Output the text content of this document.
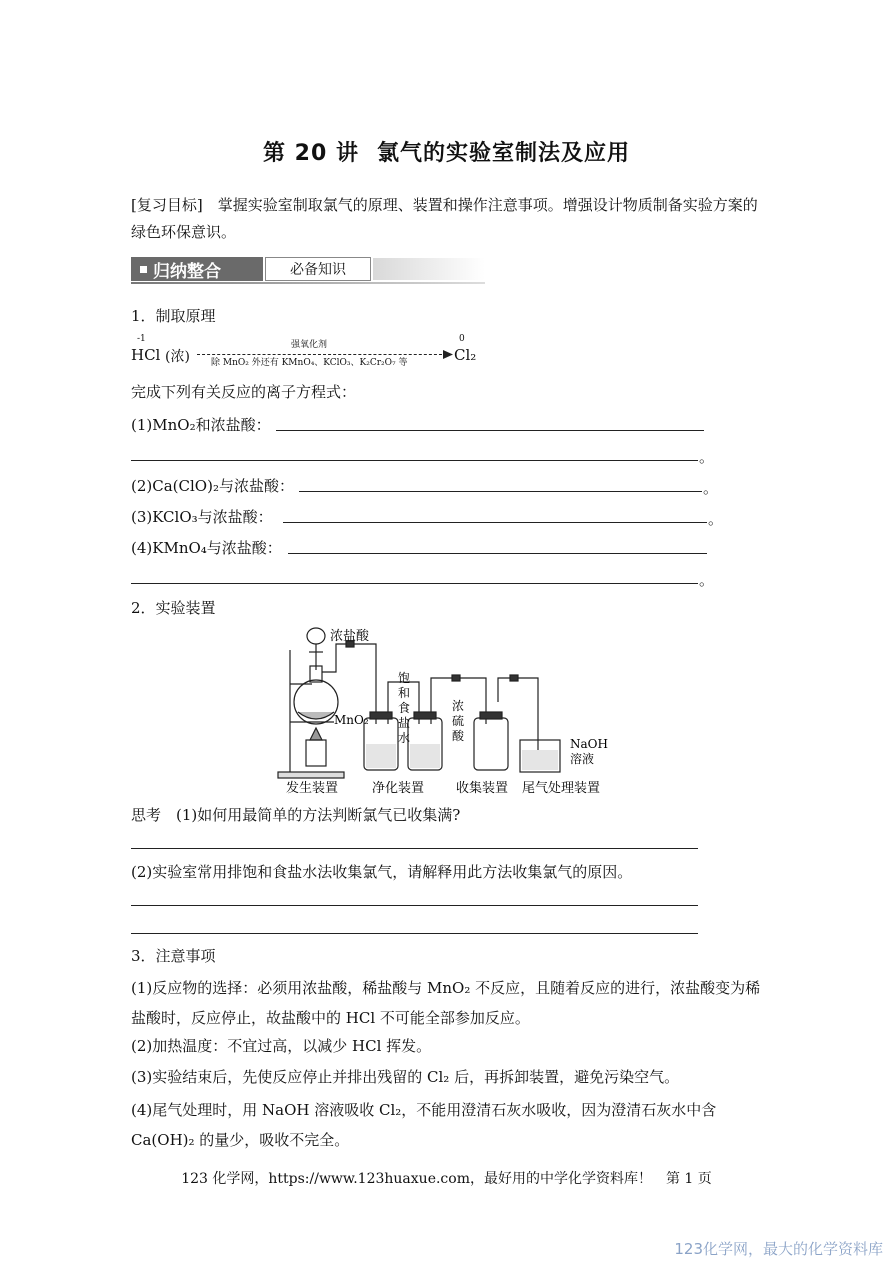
第 20 讲 氯气的实验室制法及应用
[复习目标]　 掌握实验室制取氯气的原理、装置和操作注意事项。增强设计物质制备实验方案的绿色环保意识。
归纳整合	必备知识
1．制取原理
-1
HCl (浓)
强氧化剂
除 MnO₂ 外还有 KMnO₄、KClO₃、K₂Cr₂O₇ 等
0
Cl₂
完成下列有关反应的离子方程式：
(1)MnO₂和浓盐酸：
。
(2)Ca(ClO)₂与浓盐酸：	。
(3)KClO₃与浓盐酸：	。
(4)KMnO₄与浓盐酸：
。
2．实验装置
浓盐酸
MnO₂
饱
和
食
盐
水
浓
硫
酸
NaOH
溶液
发生装置	净化装置 收集装置 尾气处理装置
思考　 (1)如何用最简单的方法判断氯气已收集满?
(2)实验室常用排饱和食盐水法收集氯气，请解释用此方法收集氯气的原因。
3．注意事项
(1)反应物的选择：必须用浓盐酸，稀盐酸与 MnO₂ 不反应，且随着反应的进行，浓盐酸变为稀盐酸时，反应停止，故盐酸中的 HCl 不可能全部参加反应。
(2)加热温度：不宜过高，以减少 HCl 挥发。
(3)实验结束后，先使反应停止并排出残留的 Cl₂ 后，再拆卸装置，避免污染空气。
(4)尾气处理时，用 NaOH 溶液吸收 Cl₂，不能用澄清石灰水吸收，因为澄清石灰水中含 Ca(OH)₂ 的量少，吸收不完全。
123 化学网，https://www.123huaxue.com，最好用的中学化学资料库！　第 1 页
123化学网，最大的化学资料库
